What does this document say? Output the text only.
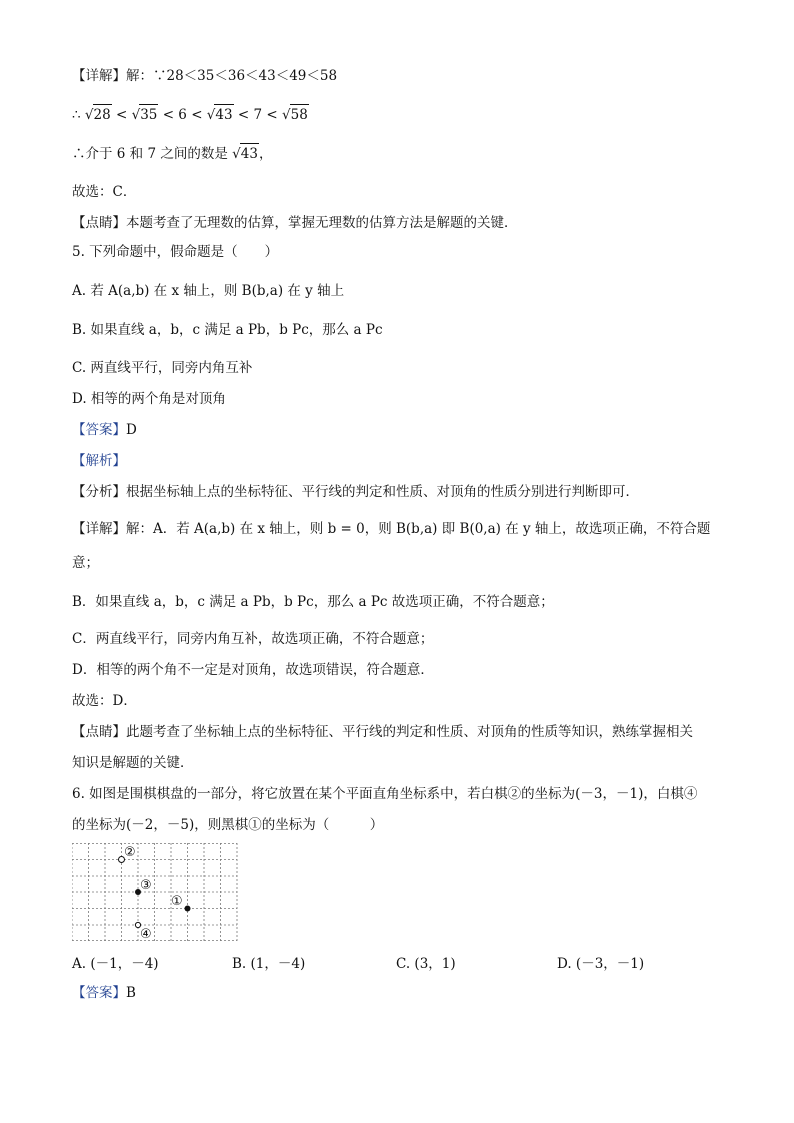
【详解】解：∵28＜35＜36＜43＜49＜58
∴ √28 < √35 < 6 < √43 < 7 < √58
∴介于 6 和 7 之间的数是 √43，
故选：C．
【点睛】本题考查了无理数的估算，掌握无理数的估算方法是解题的关键．
5. 下列命题中，假命题是（　　）
A. 若 A(a,b) 在 x 轴上，则 B(b,a) 在 y 轴上
B. 如果直线 a，b，c 满足 a Pb，b Pc，那么 a Pc
C. 两直线平行，同旁内角互补
D. 相等的两个角是对顶角
【答案】D
【解析】
【分析】根据坐标轴上点的坐标特征、平行线的判定和性质、对顶角的性质分别进行判断即可．
【详解】解：A．若 A(a,b) 在 x 轴上，则 b = 0，则 B(b,a) 即 B(0,a) 在 y 轴上，故选项正确，不符合题
意；
B．如果直线 a，b，c 满足 a Pb，b Pc，那么 a Pc 故选项正确，不符合题意；
C．两直线平行，同旁内角互补，故选项正确，不符合题意；
D．相等的两个角不一定是对顶角，故选项错误，符合题意．
故选：D．
【点睛】此题考查了坐标轴上点的坐标特征、平行线的判定和性质、对顶角的性质等知识，熟练掌握相关
知识是解题的关键．
6. 如图是围棋棋盘的一部分，将它放置在某个平面直角坐标系中，若白棋②的坐标为(－3，－1)，白棋④
的坐标为(－2，－5)，则黑棋①的坐标为（　　　）
②
③
①
④
A. (－1，－4)	B. (1，－4)	C. (3，1)	D. (－3，－1)
【答案】B
